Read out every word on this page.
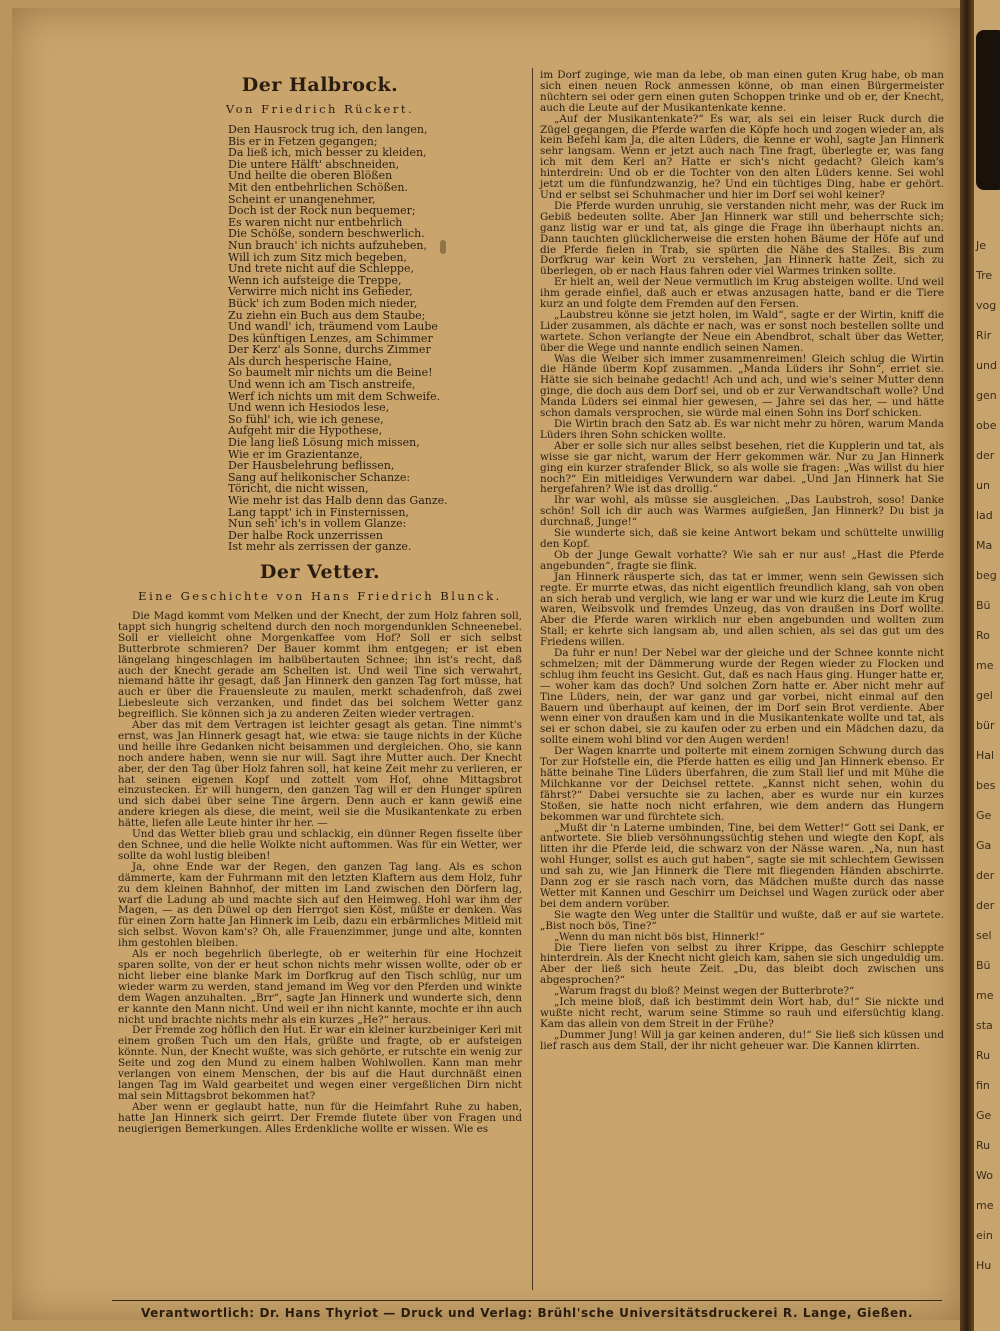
Je
Tre
vog
Rir
und
gen
obe
der
un
lad
Ma
beg
Bü
Ro
me
gel
bür
Hal
bes
Ge
Ga
der
der
sel
Bü
me
sta
Ru
fin
Ge
Ru
Wo
me
ein
Hu
Der Halbrock.
Von Friedrich Rückert.
Den Hausrock trug ich, den langen,
Bis er in Fetzen gegangen;
Da ließ ich, mich besser zu kleiden,
Die untere Hälft' abschneiden,
Und heilte die oberen Blößen
Mit den entbehrlichen Schößen.
Scheint er unangenehmer,
Doch ist der Rock nun bequemer;
Es waren nicht nur entbehrlich
Die Schöße, sondern beschwerlich.
Nun brauch' ich nichts aufzuheben,
Will ich zum Sitz mich begeben,
Und trete nicht auf die Schleppe,
Wenn ich aufsteige die Treppe,
Verwirre mich nicht ins Gefieder,
Bück' ich zum Boden mich nieder,
Zu ziehn ein Buch aus dem Staube;
Und wandl' ich, träumend vom Laube
Des künftigen Lenzes, am Schimmer
Der Kerz' als Sonne, durchs Zimmer
Als durch hesperische Haine,
So baumelt mir nichts um die Beine!
Und wenn ich am Tisch anstreife,
Werf ich nichts um mit dem Schweife.
Und wenn ich Hesiodos lese,
So fühl' ich, wie ich genese,
Aufgeht mir die Hypothese,
Die lang ließ Lösung mich missen,
Wie er im Grazientanze,
Der Hausbelehrung beflissen,
Sang auf helikonischer Schanze:
Töricht, die nicht wissen,
Wie mehr ist das Halb denn das Ganze.
Lang tappt' ich in Finsternissen,
Nun seh' ich's in vollem Glanze:
Der halbe Rock unzerrissen
Ist mehr als zerrissen der ganze.
Der Vetter.
Eine Geschichte von Hans Friedrich Blunck.
Die Magd kommt vom Melken und der Knecht, der zum Holz fahren soll, tappt sich hungrig scheltend durch den noch morgendunklen Schneenebel. Soll er vielleicht ohne Morgenkaffee vom Hof? Soll er sich selbst Butterbrote schmieren? Der Bauer kommt ihm entgegen; er ist eben längelang hingeschlagen im halbübertauten Schnee; ihn ist's recht, daß auch der Knecht gerade am Schelten ist. Und weil Tine sich verwahrt, niemand hätte ihr gesagt, daß Jan Hinnerk den ganzen Tag fort müsse, hat auch er über die Frauensleute zu maulen, merkt schadenfroh, daß zwei Liebesleute sich verzanken, und findet das bei solchem Wetter ganz begreiflich. Sie können sich ja zu anderen Zeiten wieder vertragen.
Aber das mit dem Vertragen ist leichter gesagt als getan. Tine nimmt's ernst, was Jan Hinnerk gesagt hat, wie etwa: sie tauge nichts in der Küche und heille ihre Gedanken nicht beisammen und dergleichen. Oho, sie kann noch andere haben, wenn sie nur will. Sagt ihre Mutter auch. Der Knecht aber, der den Tag über Holz fahren soll, hat keine Zeit mehr zu verlieren, er hat seinen eigenen Kopf und zottelt vom Hof, ohne Mittagsbrot einzustecken. Er will hungern, den ganzen Tag will er den Hunger spüren und sich dabei über seine Tine ärgern. Denn auch er kann gewiß eine andere kriegen als diese, die meint, weil sie die Musikantenkate zu erben hätte, liefen alle Leute hinter ihr her. —
Und das Wetter blieb grau und schlackig, ein dünner Regen fisselte über den Schnee, und die helle Wolkte nicht auftommen. Was für ein Wetter, wer sollte da wohl lustig bleiben!
Ja, ohne Ende war der Regen, den ganzen Tag lang. Als es schon dämmerte, kam der Fuhrmann mit den letzten Klaftern aus dem Holz, fuhr zu dem kleinen Bahnhof, der mitten im Land zwischen den Dörfern lag, warf die Ladung ab und machte sich auf den Heimweg. Hohl war ihm der Magen, — as den Düwel op den Herrgot sien Köst, müßte er denken. Was für einen Zorn hatte Jan Hinnerk im Leib, dazu ein erbärmliches Mitleid mit sich selbst. Wovon kam's? Oh, alle Frauenzimmer, junge und alte, konnten ihm gestohlen bleiben.
Als er noch begehrlich überlegte, ob er weiterhin für eine Hochzeit sparen sollte, von der er heut schon nichts mehr wissen wollte, oder ob er nicht lieber eine blanke Mark im Dorfkrug auf den Tisch schlüg, nur um wieder warm zu werden, stand jemand im Weg vor den Pferden und winkte dem Wagen anzuhalten. „Brr“, sagte Jan Hinnerk und wunderte sich, denn er kannte den Mann nicht. Und weil er ihn nicht kannte, mochte er ihn auch nicht und brachte nichts mehr als ein kurzes „He?“ heraus.
Der Fremde zog höflich den Hut. Er war ein kleiner kurzbeiniger Kerl mit einem großen Tuch um den Hals, grüßte und fragte, ob er aufsteigen könnte. Nun, der Knecht wußte, was sich gehörte, er rutschte ein wenig zur Seite und zog den Mund zu einem halben Wohlwollen. Kann man mehr verlangen von einem Menschen, der bis auf die Haut durchnäßt einen langen Tag im Wald gearbeitet und wegen einer vergeßlichen Dirn nicht mal sein Mittagsbrot bekommen hat?
Aber wenn er geglaubt hatte, nun für die Heimfahrt Ruhe zu haben, hatte Jan Hinnerk sich geirrt. Der Fremde flutete über von Fragen und neugierigen Bemerkungen. Alles Erdenkliche wollte er wissen. Wie es
im Dorf zuginge, wie man da lebe, ob man einen guten Krug habe, ob man sich einen neuen Rock anmessen könne, ob man einen Bürgermeister nüchtern sei oder gern einen guten Schoppen trinke und ob er, der Knecht, auch die Leute auf der Musikantenkate kenne.
„Auf der Musikantenkate?“ Es war, als sei ein leiser Ruck durch die Zügel gegangen, die Pferde warfen die Köpfe hoch und zogen wieder an, als kein Befehl kam Ja, die alten Lüders, die kenne er wohl, sagte Jan Hinnerk sehr langsam. Wenn er jetzt auch nach Tine fragt, überlegte er, was fang ich mit dem Kerl an? Hatte er sich's nicht gedacht? Gleich kam's hinterdrein: Und ob er die Tochter von den alten Lüders kenne. Sei wohl jetzt um die fünfundzwanzig, he? Und ein tüchtiges Ding, habe er gehört. Und er selbst sei Schuhmacher und hier im Dorf sei wohl keiner?
Die Pferde wurden unruhig, sie verstanden nicht mehr, was der Ruck im Gebiß bedeuten sollte. Aber Jan Hinnerk war still und beherrschte sich; ganz listig war er und tat, als ginge die Frage ihn überhaupt nichts an. Dann tauchten glücklicherweise die ersten hohen Bäume der Höfe auf und die Pferde fielen in Trab, sie spürten die Nähe des Stalles. Bis zum Dorfkrug war kein Wort zu verstehen, Jan Hinnerk hatte Zeit, sich zu überlegen, ob er nach Haus fahren oder viel Warmes trinken sollte.
Er hielt an, weil der Neue vermutlich im Krug absteigen wollte. Und weil ihm gerade einfiel, daß auch er etwas anzusagen hatte, band er die Tiere kurz an und folgte dem Fremden auf den Fersen.
„Laubstreu könne sie jetzt holen, im Wald“, sagte er der Wirtin, kniff die Lider zusammen, als dächte er nach, was er sonst noch bestellen sollte und wartete. Schon verlangte der Neue ein Abendbrot, schalt über das Wetter, über die Wege und nannte endlich seinen Namen.
Was die Weiber sich immer zusammenreimen! Gleich schlug die Wirtin die Hände überm Kopf zusammen. „Manda Lüders ihr Sohn“, erriet sie. Hätte sie sich beinahe gedacht! Ach und ach, und wie's seiner Mutter denn ginge, die doch aus dem Dorf sei, und ob er zur Verwandtschaft wolle? Und Manda Lüders sei einmal hier gewesen, — Jahre sei das her, — und hätte schon damals versprochen, sie würde mal einen Sohn ins Dorf schicken.
Die Wirtin brach den Satz ab. Es war nicht mehr zu hören, warum Manda Lüders ihren Sohn schicken wollte.
Aber er solle sich nur alles selbst besehen, riet die Kupplerin und tat, als wisse sie gar nicht, warum der Herr gekommen wär. Nur zu Jan Hinnerk ging ein kurzer strafender Blick, so als wolle sie fragen: „Was willst du hier noch?“ Ein mitleidiges Verwundern war dabei. „Und Jan Hinnerk hat Sie hergefahren? Wie ist das drollig.“
Ihr war wohl, als müsse sie ausgleichen. „Das Laubstroh, soso! Danke schön! Soll ich dir auch was Warmes aufgießen, Jan Hinnerk? Du bist ja durchnaß, Junge!“
Sie wunderte sich, daß sie keine Antwort bekam und schüttelte unwillig den Kopf.
Ob der Junge Gewalt vorhatte? Wie sah er nur aus! „Hast die Pferde angebunden“, fragte sie flink.
Jan Hinnerk räusperte sich, das tat er immer, wenn sein Gewissen sich regte. Er murrte etwas, das nicht eigentlich freundlich klang, sah von oben an sich herab und verglich, wie lang er war und wie kurz die Leute im Krug waren, Weibsvolk und fremdes Unzeug, das von draußen ins Dorf wollte. Aber die Pferde waren wirklich nur eben angebunden und wollten zum Stall; er kehrte sich langsam ab, und allen schien, als sei das gut um des Friedens willen.
Da fuhr er nun! Der Nebel war der gleiche und der Schnee konnte nicht schmelzen; mit der Dämmerung wurde der Regen wieder zu Flocken und schlug ihm feucht ins Gesicht. Gut, daß es nach Haus ging. Hunger hatte er, — woher kam das doch? Und solchen Zorn hatte er. Aber nicht mehr auf Tine Lüders, nein, der war ganz und gar vorbei, nicht einmal auf den Bauern und überhaupt auf keinen, der im Dorf sein Brot verdiente. Aber wenn einer von draußen kam und in die Musikantenkate wollte und tat, als sei er schon dabei, sie zu kaufen oder zu erben und ein Mädchen dazu, da sollte einem wohl blind vor den Augen werden!
Der Wagen knarrte und polterte mit einem zornigen Schwung durch das Tor zur Hofstelle ein, die Pferde hatten es eilig und Jan Hinnerk ebenso. Er hätte beinahe Tine Lüders überfahren, die zum Stall lief und mit Mühe die Milchkanne vor der Deichsel rettete. „Kannst nicht sehen, wohin du fährst?“ Dabei versuchte sie zu lachen, aber es wurde nur ein kurzes Stoßen, sie hatte noch nicht erfahren, wie dem andern das Hungern bekommen war und fürchtete sich.
„Mußt dir 'n Laterne umbinden, Tine, bei dem Wetter!“ Gott sei Dank, er antwortete. Sie blieb versöhnungssüchtig stehen und wiegte den Kopf, als litten ihr die Pferde leid, die schwarz von der Nässe waren. „Na, nun hast wohl Hunger, sollst es auch gut haben“, sagte sie mit schlechtem Gewissen und sah zu, wie Jan Hinnerk die Tiere mit fliegenden Händen abschirrte. Dann zog er sie rasch nach vorn, das Mädchen mußte durch das nasse Wetter mit Kannen und Geschirr um Deichsel und Wagen zurück oder aber bei dem andern vorüber.
Sie wagte den Weg unter die Stalltür und wußte, daß er auf sie wartete. „Bist noch bös, Tine?“
„Wenn du man nicht bös bist, Hinnerk!“
Die Tiere liefen von selbst zu ihrer Krippe, das Geschirr schleppte hinterdrein. Als der Knecht nicht gleich kam, sahen sie sich ungeduldig um. Aber der ließ sich heute Zeit. „Du, das bleibt doch zwischen uns abgesprochen?“
„Warum fragst du bloß? Meinst wegen der Butterbrote?“
„Ich meine bloß, daß ich bestimmt dein Wort hab, du!“ Sie nickte und wußte nicht recht, warum seine Stimme so rauh und eifersüchtig klang. Kam das allein von dem Streit in der Frühe?
„Dummer Jung! Will ja gar keinen anderen, du!“ Sie ließ sich küssen und lief rasch aus dem Stall, der ihr nicht geheuer war. Die Kannen klirrten.
Verantwortlich: Dr. Hans Thyriot — Druck und Verlag: Brühl'sche Universitätsdruckerei R. Lange, Gießen.
